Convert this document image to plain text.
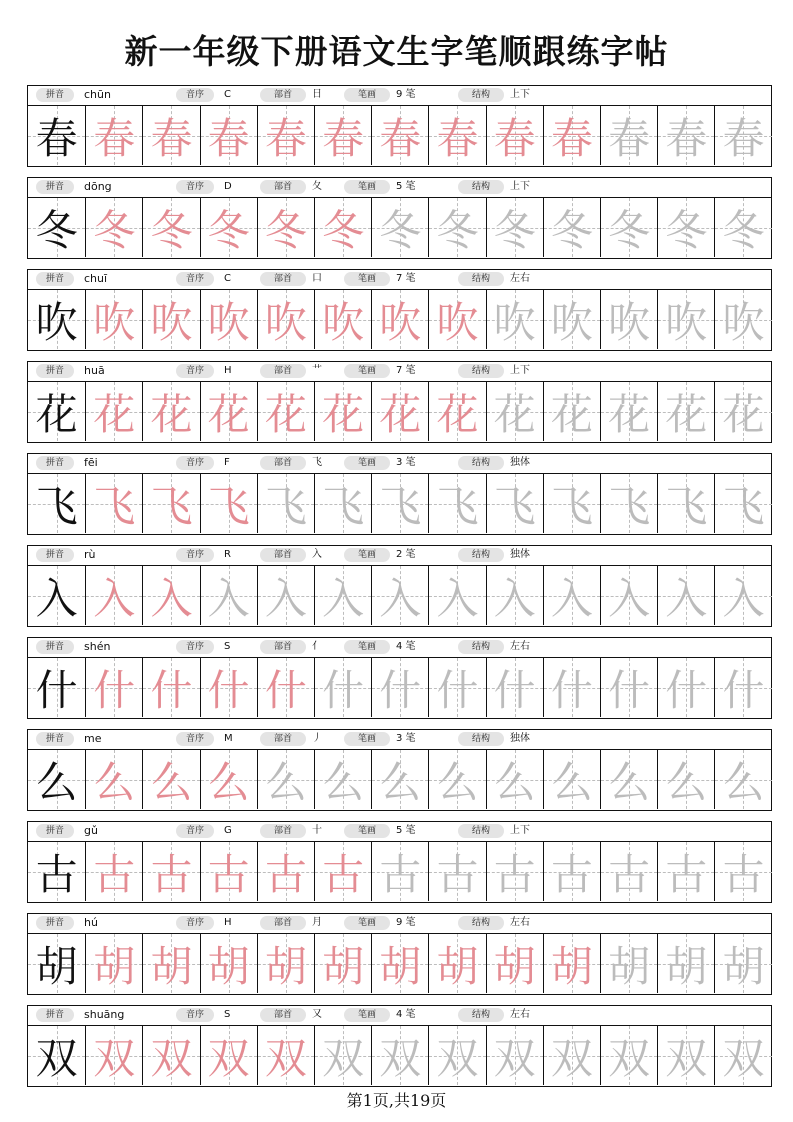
新一年级下册语文生字笔顺跟练字帖
拼音	chūn	音序	C	部首	日	笔画	9 笔	结构	上下
春 春 春 春 春 春 春 春 春 春 春 春 春
拼音	dōng	音序	D	部首	夂	笔画	5 笔	结构	上下
冬 冬 冬 冬 冬 冬 冬 冬 冬 冬 冬 冬 冬
拼音	chuī	音序	C	部首	口	笔画	7 笔	结构	左右
吹 吹 吹 吹 吹 吹 吹 吹 吹 吹 吹 吹 吹
拼音	huā	音序	H	部首	艹	笔画	7 笔	结构	上下
花 花 花 花 花 花 花 花 花 花 花 花 花
拼音	fēi	音序	F	部首	飞	笔画	3 笔	结构	独体
飞 飞 飞 飞 飞 飞 飞 飞 飞 飞 飞 飞 飞
拼音	rù	音序	R	部首	入	笔画	2 笔	结构	独体
入 入 入 入 入 入 入 入 入 入 入 入 入
拼音	shén	音序	S	部首	亻	笔画	4 笔	结构	左右
什 什 什 什 什 什 什 什 什 什 什 什 什
拼音	me	音序	M	部首	丿	笔画	3 笔	结构	独体
么 么 么 么 么 么 么 么 么 么 么 么 么
拼音	gǔ	音序	G	部首	十	笔画	5 笔	结构	上下
古 古 古 古 古 古 古 古 古 古 古 古 古
拼音	hú	音序	H	部首	月	笔画	9 笔	结构	左右
胡 胡 胡 胡 胡 胡 胡 胡 胡 胡 胡 胡 胡
拼音	shuāng	音序	S	部首	又	笔画	4 笔	结构	左右
双 双 双 双 双 双 双 双 双 双 双 双 双
第1页,共19页
